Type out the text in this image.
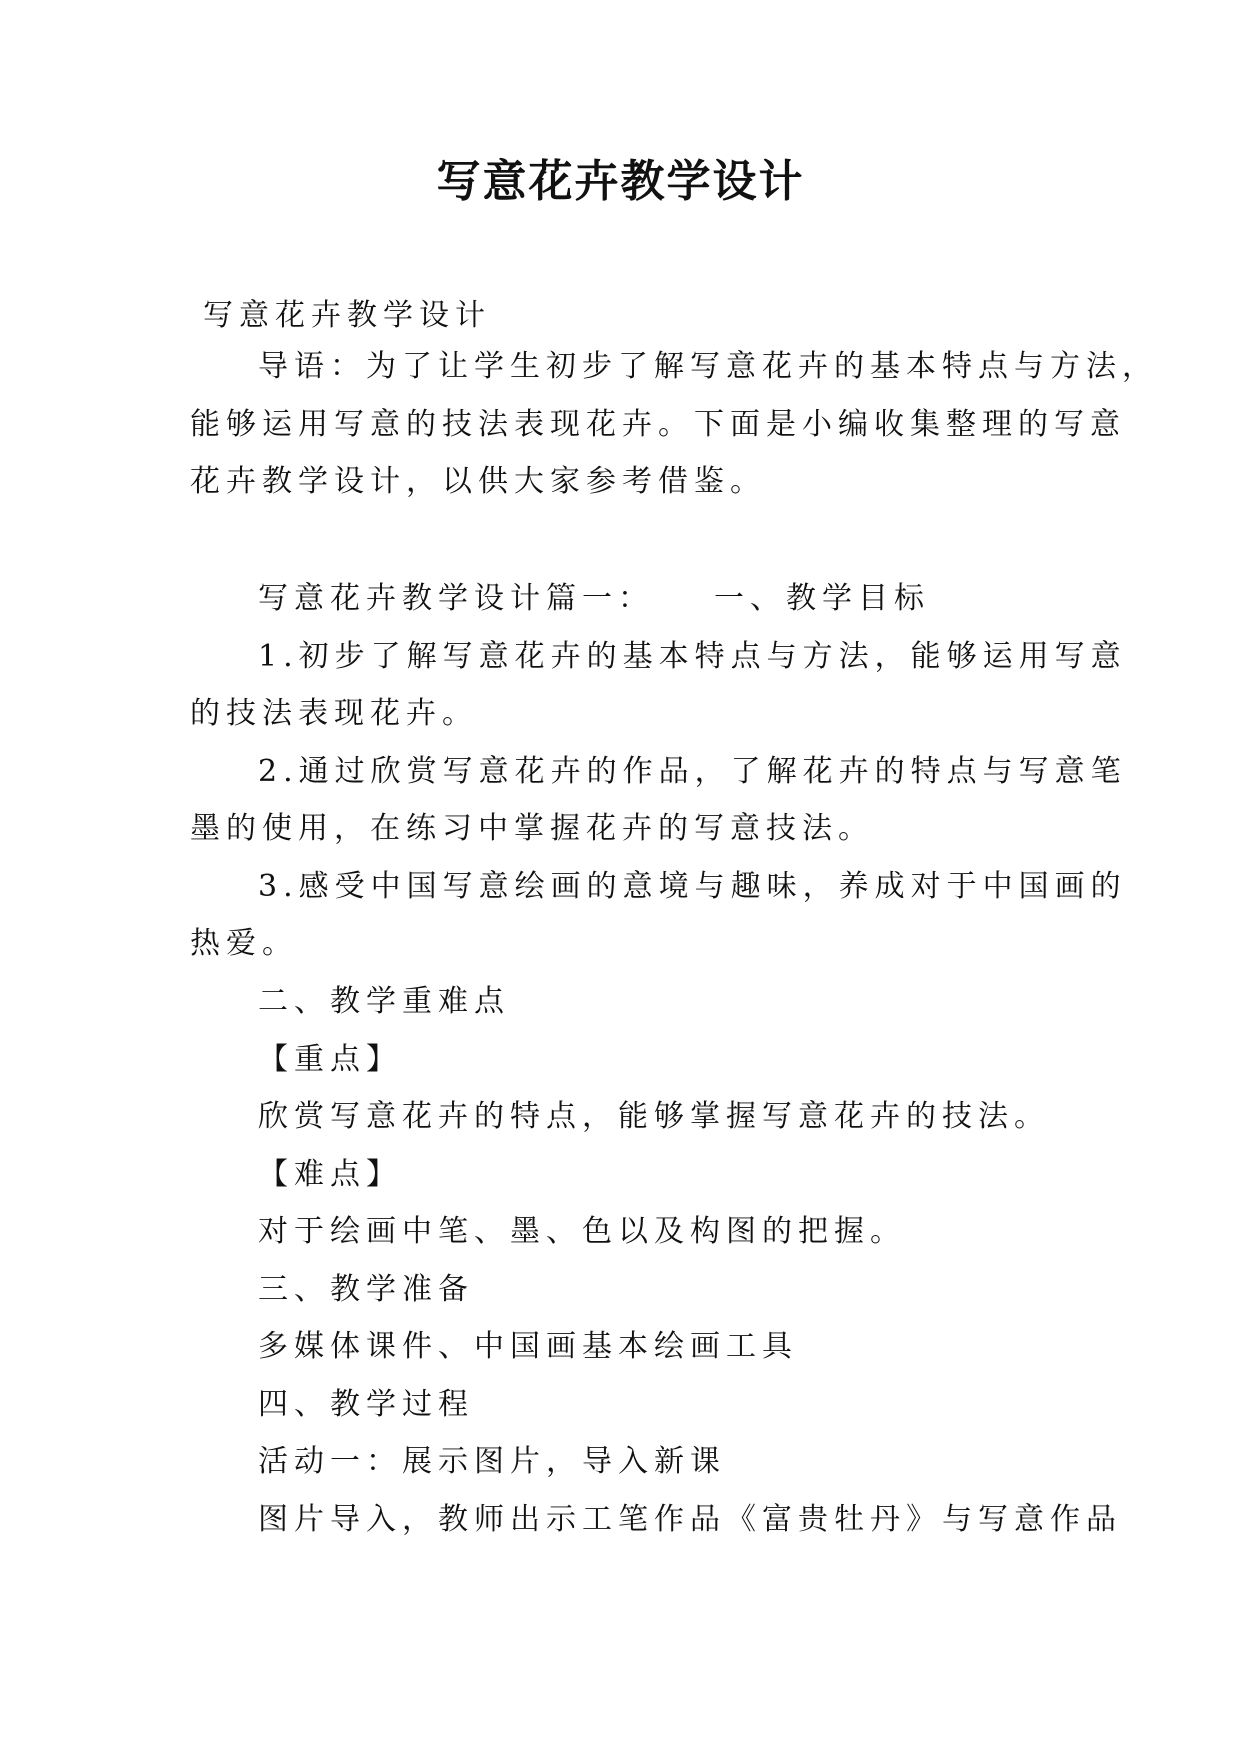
写意花卉教学设计
写意花卉教学设计
导语：为了让学生初步了解写意花卉的基本特点与方法，
能够运用写意的技法表现花卉。下面是小编收集整理的写意
花卉教学设计，以供大家参考借鉴。
写意花卉教学设计篇一： 一、教学目标
1.初步了解写意花卉的基本特点与方法，能够运用写意
的技法表现花卉。
2.通过欣赏写意花卉的作品，了解花卉的特点与写意笔
墨的使用，在练习中掌握花卉的写意技法。
3.感受中国写意绘画的意境与趣味，养成对于中国画的
热爱。
二、教学重难点
【重点】
欣赏写意花卉的特点，能够掌握写意花卉的技法。
【难点】
对于绘画中笔、墨、色以及构图的把握。
三、教学准备
多媒体课件、中国画基本绘画工具
四、教学过程
活动一：展示图片，导入新课
图片导入，教师出示工笔作品《富贵牡丹》与写意作品
